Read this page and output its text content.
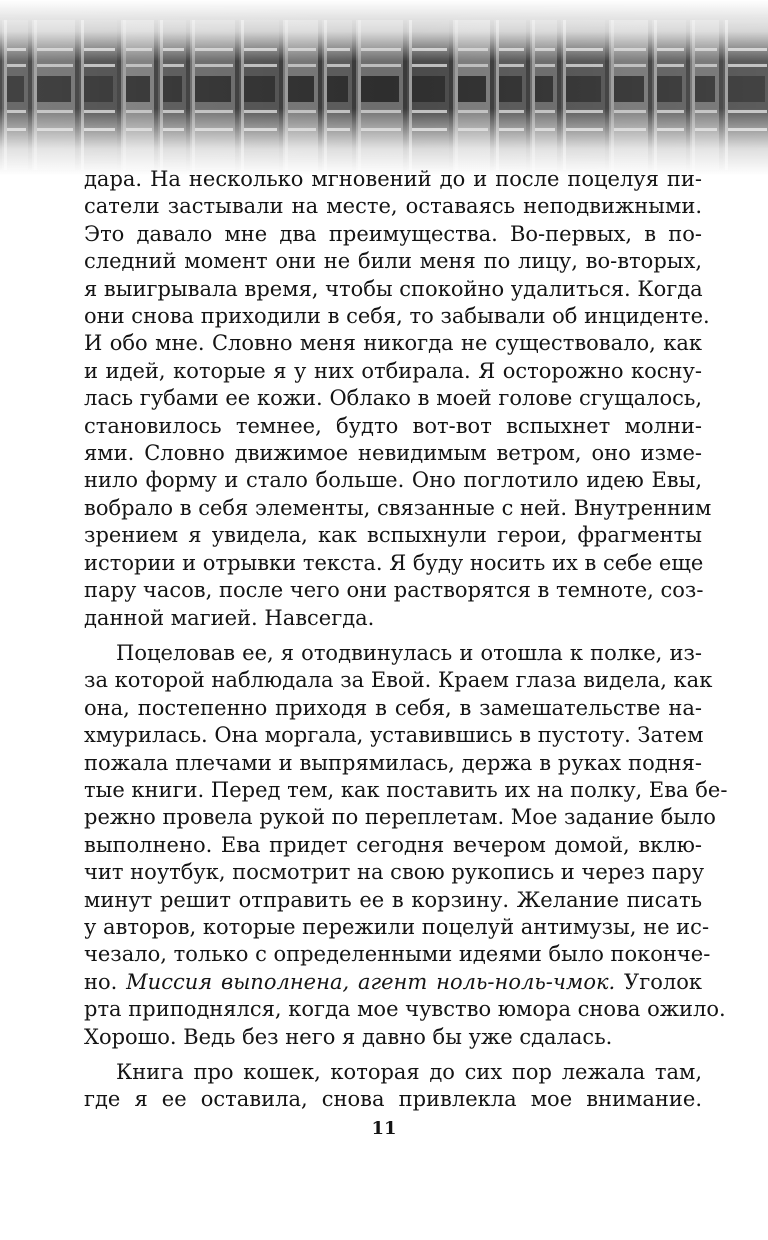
дара. На несколько мгновений до и после поцелуя пи-
сатели застывали на месте, оставаясь неподвижными.
Это давало мне два преимущества. Во-первых, в по-
следний момент они не били меня по лицу, во-вторых,
я выигрывала время, чтобы спокойно удалиться. Когда
они снова приходили в себя, то забывали об инциденте.
И обо мне. Словно меня никогда не существовало, как
и идей, которые я у них отбирала. Я осторожно косну-
лась губами ее кожи. Облако в моей голове сгущалось,
становилось темнее, будто вот-вот вспыхнет молни-
ями. Словно движимое невидимым ветром, оно изме-
нило форму и стало больше. Оно поглотило идею Евы,
вобрало в себя элементы, связанные с ней. Внутренним
зрением я увидела, как вспыхнули герои, фрагменты
истории и отрывки текста. Я буду носить их в себе еще
пару часов, после чего они растворятся в темноте, соз-
данной магией. Навсегда.
Поцеловав ее, я отодвинулась и отошла к полке, из-
за которой наблюдала за Евой. Краем глаза видела, как
она, постепенно приходя в себя, в замешательстве на-
хмурилась. Она моргала, уставившись в пустоту. Затем
пожала плечами и выпрямилась, держа в руках подня-
тые книги. Перед тем, как поставить их на полку, Ева бе-
режно провела рукой по переплетам. Мое задание было
выполнено. Ева придет сегодня вечером домой, вклю-
чит ноутбук, посмотрит на свою рукопись и через пару
минут решит отправить ее в корзину. Желание писать
у авторов, которые пережили поцелуй антимузы, не ис-
чезало, только с определенными идеями было поконче-
но. Миссия выполнена, агент ноль-ноль-чмок. Уголок
рта приподнялся, когда мое чувство юмора снова ожило.
Хорошо. Ведь без него я давно бы уже сдалась.
Книга про кошек, которая до сих пор лежала там,
где я ее оставила, снова привлекла мое внимание.
11
